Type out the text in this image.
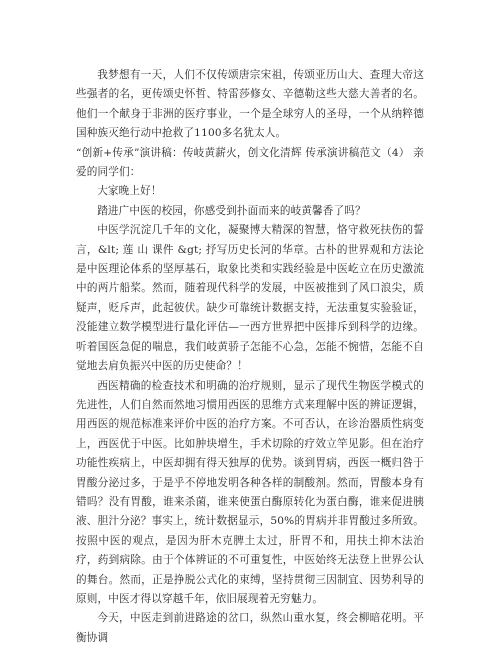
我梦想有一天，人们不仅传颂唐宗宋祖，传颂亚历山大、查理大帝这些强者的名，更传颂史怀哲、特雷莎修女、辛德勒这些大慈大善者的名。他们一个献身于非洲的医疗事业，一个是全球穷人的圣母，一个从纳粹德国种族灭绝行动中抢救了1100多名犹太人。

“创新+传承”演讲稿：传岐黄薪火，创文化清辉 传承演讲稿范文（4） 亲爱的同学们：

大家晚上好！

踏进广中医的校园，你感受到扑面而来的岐黄馨香了吗？

中医学沉淀几千年的文化，凝聚博大精深的智慧，恪守救死扶伤的誓言，&lt; 莲 山 课件 &gt; 抒写历史长河的华章。古朴的世界观和方法论是中医理论体系的坚厚基石，取象比类和实践经验是中医屹立在历史激流中的两片船桨。然而，随着现代科学的发展，中医被推到了风口浪尖，质疑声，贬斥声，此起彼伏。缺少可靠统计数据支持，无法重复实验验证，没能建立数学模型进行量化评估—一西方世界把中医排斥到科学的边缘。听着国医急促的喘息，我们岐黄骄子怎能不心急，怎能不惋惜，怎能不自觉地去肩负振兴中医的历史使命？！

西医精确的检查技术和明确的治疗规则，显示了现代生物医学模式的先进性，人们自然而然地习惯用西医的思维方式来理解中医的辨证逻辑，用西医的规范标准来评价中医的治疗方案。不可否认，在诊治器质性病变上，西医优于中医。比如肿块增生，手术切除的疗效立竿见影。但在治疗功能性疾病上，中医却拥有得天独厚的优势。谈到胃病，西医一概归咎于胃酸分泌过多，于是乎不停地发明各种各样的制酸剂。然而，胃酸本身有错吗？没有胃酸，谁来杀菌，谁来使蛋白酶原转化为蛋白酶，谁来促进胰液、胆汁分泌？事实上，统计数据显示，50%的胃病并非胃酸过多所致。按照中医的观点，是因为肝木克脾土太过，肝胃不和，用扶土抑木法治疗，药到病除。由于个体辨证的不可重复性，中医始终无法登上世界公认的舞台。然而，正是挣脱公式化的束缚，坚持贯彻三因制宜、因势利导的原则，中医才得以穿越千年，依旧展现着无穷魅力。

今天，中医走到前进路途的岔口，纵然山重水复，终会柳暗花明。平衡协调
